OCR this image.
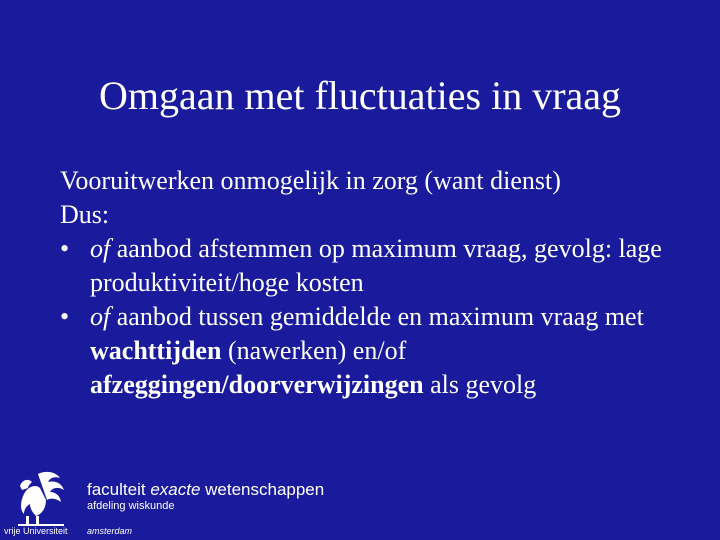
Omgaan met fluctuaties in vraag

Vooruitwerken onmogelijk in zorg (want dienst)

Dus:

• of aanbod afstemmen op maximum vraag, gevolg: lage produktiviteit/hoge kosten

• of aanbod tussen gemiddelde en maximum vraag met wachttijden (nawerken) en/of afzeggingen/doorverwijzingen als gevolg

vrije Universiteit
faculteit exacte wetenschappen
afdeling wiskunde
amsterdam
